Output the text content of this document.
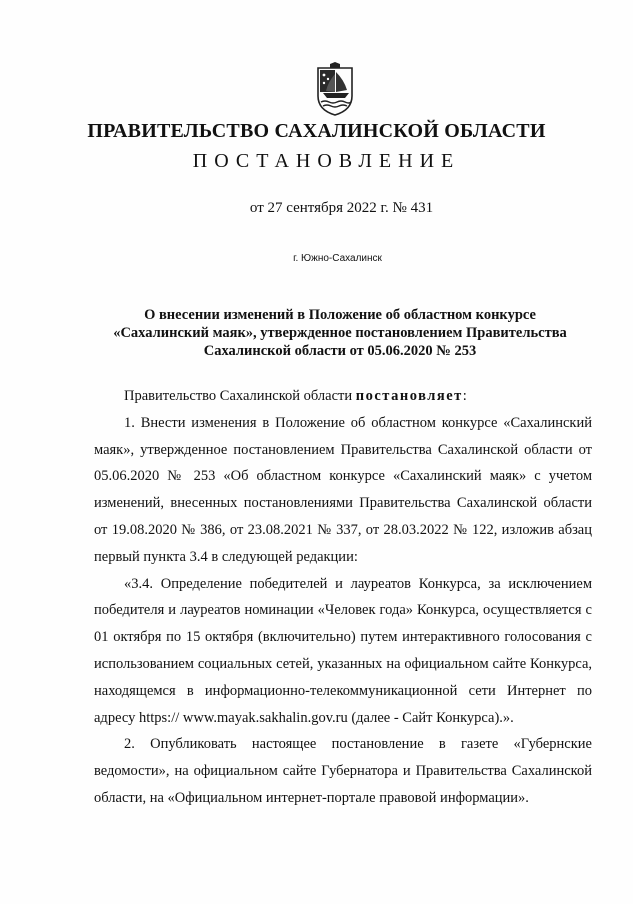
ПРАВИТЕЛЬСТВО САХАЛИНСКОЙ ОБЛАСТИ
ПОСТАНОВЛЕНИЕ
от 27 сентября 2022 г. № 431
г. Южно-Сахалинск
О внесении изменений в Положение об областном конкурсе
«Сахалинский маяк», утвержденное постановлением Правительства
Сахалинской области от 05.06.2020 № 253

Правительство Сахалинской области постановляет:

1. Внести изменения в Положение об областном конкурсе «Сахалинский маяк», утвержденное постановлением Правительства Сахалинской области от 05.06.2020 № 253 «Об областном конкурсе «Сахалинский маяк» с учетом изменений, внесенных постановлениями Правительства Сахалинской области от 19.08.2020 № 386, от 23.08.2021 № 337, от 28.03.2022 № 122, изложив абзац первый пункта 3.4 в следующей редакции:

«3.4. Определение победителей и лауреатов Конкурса, за исключением победителя и лауреатов номинации «Человек года» Конкурса, осуществляется с 01 октября по 15 октября (включительно) путем интерактивного голосования с использованием социальных сетей, указанных на официальном сайте Конкурса, находящемся в информационно-телекоммуникационной сети Интернет по адресу https:// www.mayak.sakhalin.gov.ru (далее - Сайт Конкурса).».

2. Опубликовать настоящее постановление в газете «Губернские ведомости», на официальном сайте Губернатора и Правительства Сахалинской области, на «Официальном интернет-портале правовой информации».
